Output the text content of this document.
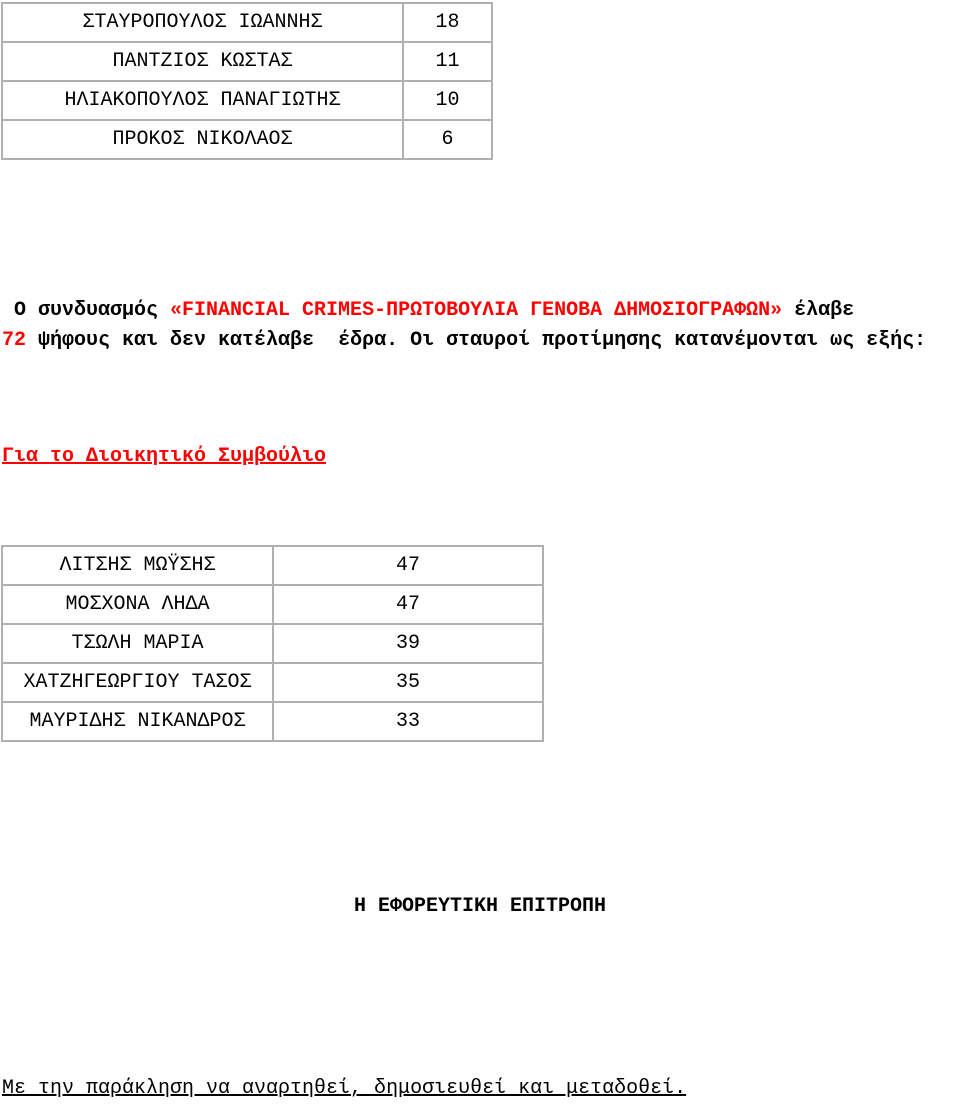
ΣΤΑΥΡΟΠΟΥΛΟΣ ΙΩΑΝΝΗΣ	18
ΠΑΝΤΖΙΟΣ ΚΩΣΤΑΣ	11
ΗΛΙΑΚΟΠΟΥΛΟΣ ΠΑΝΑΓΙΩΤΗΣ	10
ΠΡΟΚΟΣ ΝΙΚΟΛΑΟΣ	6
Ο συνδυασμός «FINANCIAL CRIMES-ΠΡΩΤΟΒΟΥΛΙΑ ΓΕΝΟΒΑ ΔΗΜΟΣΙΟΓΡΑΦΩΝ» έλαβε
72 ψήφους και δεν κατέλαβε  έδρα. Οι σταυροί προτίμησης κατανέμονται ως εξής:
Για το Διοικητικό Συμβούλιο
ΛΙΤΣΗΣ ΜΩΫΣΗΣ	47
ΜΟΣΧΟΝΑ ΛΗΔΑ	47
ΤΣΩΛΗ ΜΑΡΙΑ	39
ΧΑΤΖΗΓΕΩΡΓΙΟΥ ΤΑΣΟΣ	35
ΜΑΥΡΙΔΗΣ ΝΙΚΑΝΔΡΟΣ	33
Η ΕΦΟΡΕΥΤΙΚΗ ΕΠΙΤΡΟΠΗ
Με την παράκληση να αναρτηθεί, δημοσιευθεί και μεταδοθεί.
